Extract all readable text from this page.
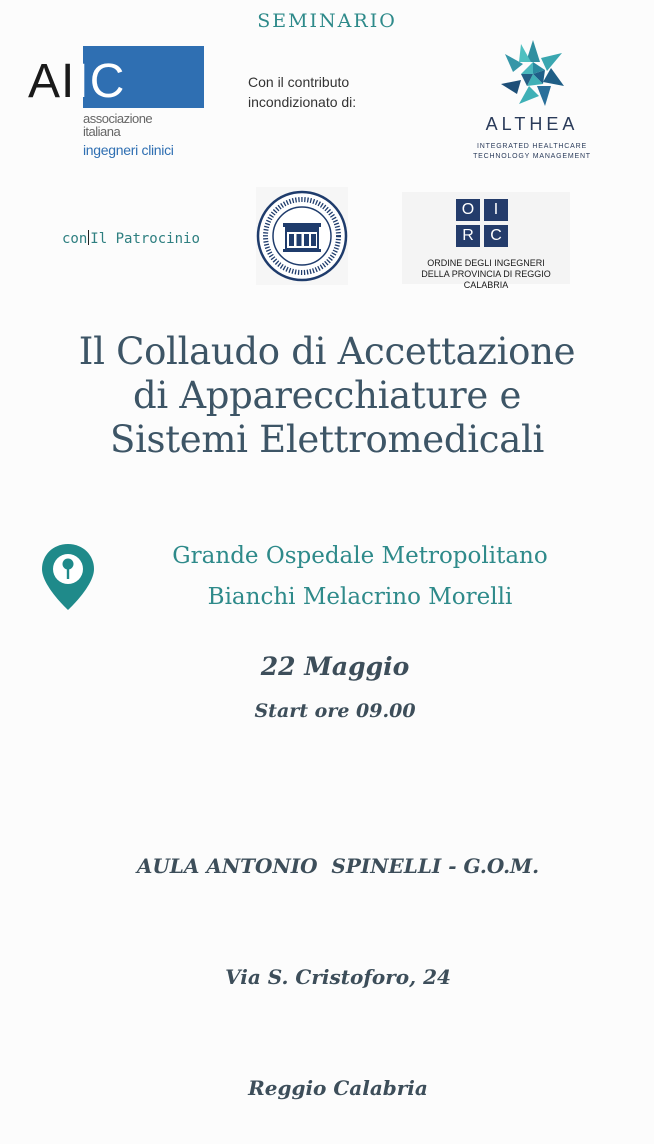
SEMINARIO
AIIC
associazione
italiana
ingegneri clinici
Con il contributo
incondizionato di:
ALTHEA
INTEGRATED HEALTHCARE
TECHNOLOGY MANAGEMENT
con Il Patrocinio
O	I
R	C
ORDINE DEGLI INGEGNERI
DELLA PROVINCIA DI REGGIO CALABRIA
Il Collaudo di Accettazione
di Apparecchiature e
Sistemi Elettromedicali
Grande Ospedale Metropolitano
Bianchi Melacrino Morelli
22 Maggio
Start ore 09.00

AULA ANTONIO  SPINELLI - G.O.M.

Via S. Cristoforo, 24

Reggio Calabria
